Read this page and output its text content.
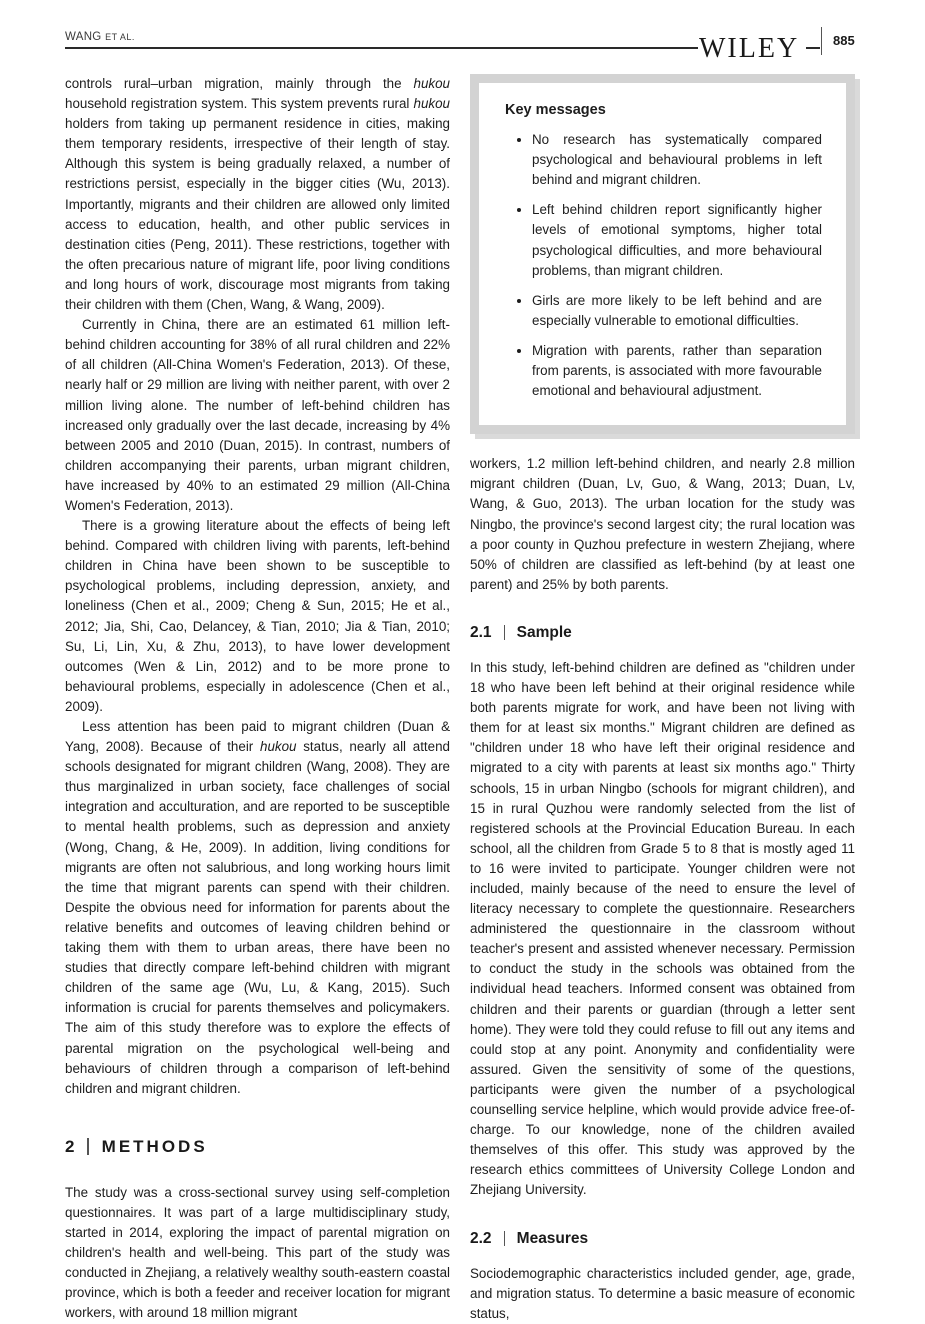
WANG ET AL.	WILEY	885

controls rural–urban migration, mainly through the hukou household registration system. This system prevents rural hukou holders from taking up permanent residence in cities, making them temporary residents, irrespective of their length of stay. Although this system is being gradually relaxed, a number of restrictions persist, especially in the bigger cities (Wu, 2013). Importantly, migrants and their children are allowed only limited access to education, health, and other public services in destination cities (Peng, 2011). These restrictions, together with the often precarious nature of migrant life, poor living conditions and long hours of work, discourage most migrants from taking their children with them (Chen, Wang, & Wang, 2009).

Currently in China, there are an estimated 61 million left-behind children accounting for 38% of all rural children and 22% of all children (All-China Women's Federation, 2013). Of these, nearly half or 29 million are living with neither parent, with over 2 million living alone. The number of left-behind children has increased only gradually over the last decade, increasing by 4% between 2005 and 2010 (Duan, 2015). In contrast, numbers of children accompanying their parents, urban migrant children, have increased by 40% to an estimated 29 million (All-China Women's Federation, 2013).

There is a growing literature about the effects of being left behind. Compared with children living with parents, left-behind children in China have been shown to be susceptible to psychological problems, including depression, anxiety, and loneliness (Chen et al., 2009; Cheng & Sun, 2015; He et al., 2012; Jia, Shi, Cao, Delancey, & Tian, 2010; Jia & Tian, 2010; Su, Li, Lin, Xu, & Zhu, 2013), to have lower development outcomes (Wen & Lin, 2012) and to be more prone to behavioural problems, especially in adolescence (Chen et al., 2009).

Less attention has been paid to migrant children (Duan & Yang, 2008). Because of their hukou status, nearly all attend schools designated for migrant children (Wang, 2008). They are thus marginalized in urban society, face challenges of social integration and acculturation, and are reported to be susceptible to mental health problems, such as depression and anxiety (Wong, Chang, & He, 2009). In addition, living conditions for migrants are often not salubrious, and long working hours limit the time that migrant parents can spend with their children. Despite the obvious need for information for parents about the relative benefits and outcomes of leaving children behind or taking them with them to urban areas, there have been no studies that directly compare left-behind children with migrant children of the same age (Wu, Lu, & Kang, 2015). Such information is crucial for parents themselves and policymakers. The aim of this study therefore was to explore the effects of parental migration on the psychological well-being and behaviours of children through a comparison of left-behind children and migrant children.

2 METHODS

The study was a cross-sectional survey using self-completion questionnaires. It was part of a large multidisciplinary study, started in 2014, exploring the impact of parental migration on children's health and well-being. This part of the study was conducted in Zhejiang, a relatively wealthy south-eastern coastal province, which is both a feeder and receiver location for migrant workers, with around 18 million migrant

Key messages
• No research has systematically compared psychological and behavioural problems in left behind and migrant children.
• Left behind children report significantly higher levels of emotional symptoms, higher total psychological difficulties, and more behavioural problems, than migrant children.
• Girls are more likely to be left behind and are especially vulnerable to emotional difficulties.
• Migration with parents, rather than separation from parents, is associated with more favourable emotional and behavioural adjustment.

workers, 1.2 million left-behind children, and nearly 2.8 million migrant children (Duan, Lv, Guo, & Wang, 2013; Duan, Lv, Wang, & Guo, 2013). The urban location for the study was Ningbo, the province's second largest city; the rural location was a poor county in Quzhou prefecture in western Zhejiang, where 50% of children are classified as left-behind (by at least one parent) and 25% by both parents.

2.1 Sample

In this study, left-behind children are defined as "children under 18 who have been left behind at their original residence while both parents migrate for work, and have been not living with them for at least six months." Migrant children are defined as "children under 18 who have left their original residence and migrated to a city with parents at least six months ago." Thirty schools, 15 in urban Ningbo (schools for migrant children), and 15 in rural Quzhou were randomly selected from the list of registered schools at the Provincial Education Bureau. In each school, all the children from Grade 5 to 8 that is mostly aged 11 to 16 were invited to participate. Younger children were not included, mainly because of the need to ensure the level of literacy necessary to complete the questionnaire. Researchers administered the questionnaire in the classroom without teacher's present and assisted whenever necessary. Permission to conduct the study in the schools was obtained from the individual head teachers. Informed consent was obtained from children and their parents or guardian (through a letter sent home). They were told they could refuse to fill out any items and could stop at any point. Anonymity and confidentiality were assured. Given the sensitivity of some of the questions, participants were given the number of a psychological counselling service helpline, which would provide advice free-of-charge. To our knowledge, none of the children availed themselves of this offer. This study was approved by the research ethics committees of University College London and Zhejiang University.

2.2 Measures

Sociodemographic characteristics included gender, age, grade, and migration status. To determine a basic measure of economic status,
